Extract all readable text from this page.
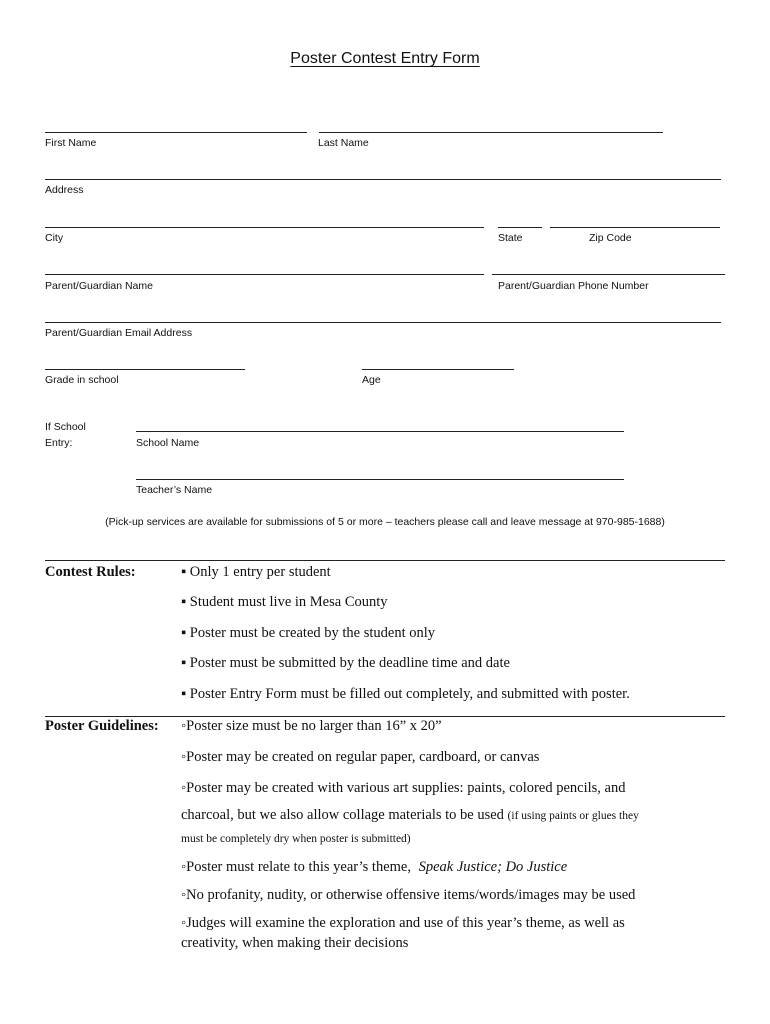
Poster Contest Entry Form
First Name	Last Name
Address
City	State	Zip Code
Parent/Guardian Name	Parent/Guardian Phone Number
Parent/Guardian Email Address
Grade in school	Age
If School
Entry:	School Name
Teacher’s Name
(Pick-up services are available for submissions of 5 or more – teachers please call and leave message at 970-985-1688)
Contest Rules:	▪ Only 1 entry per student
▪ Student must live in Mesa County
▪ Poster must be created by the student only
▪ Poster must be submitted by the deadline time and date
▪ Poster Entry Form must be filled out completely, and submitted with poster.
Poster Guidelines: ◦Poster size must be no larger than 16” x 20”
◦Poster may be created on regular paper, cardboard, or canvas
◦Poster may be created with various art supplies: paints, colored pencils, and
charcoal, but we also allow collage materials to be used (if using paints or glues they
must be completely dry when poster is submitted)
◦Poster must relate to this year’s theme, Speak Justice; Do Justice
◦No profanity, nudity, or otherwise offensive items/words/images may be used
◦Judges will examine the exploration and use of this year’s theme, as well as
creativity, when making their decisions
